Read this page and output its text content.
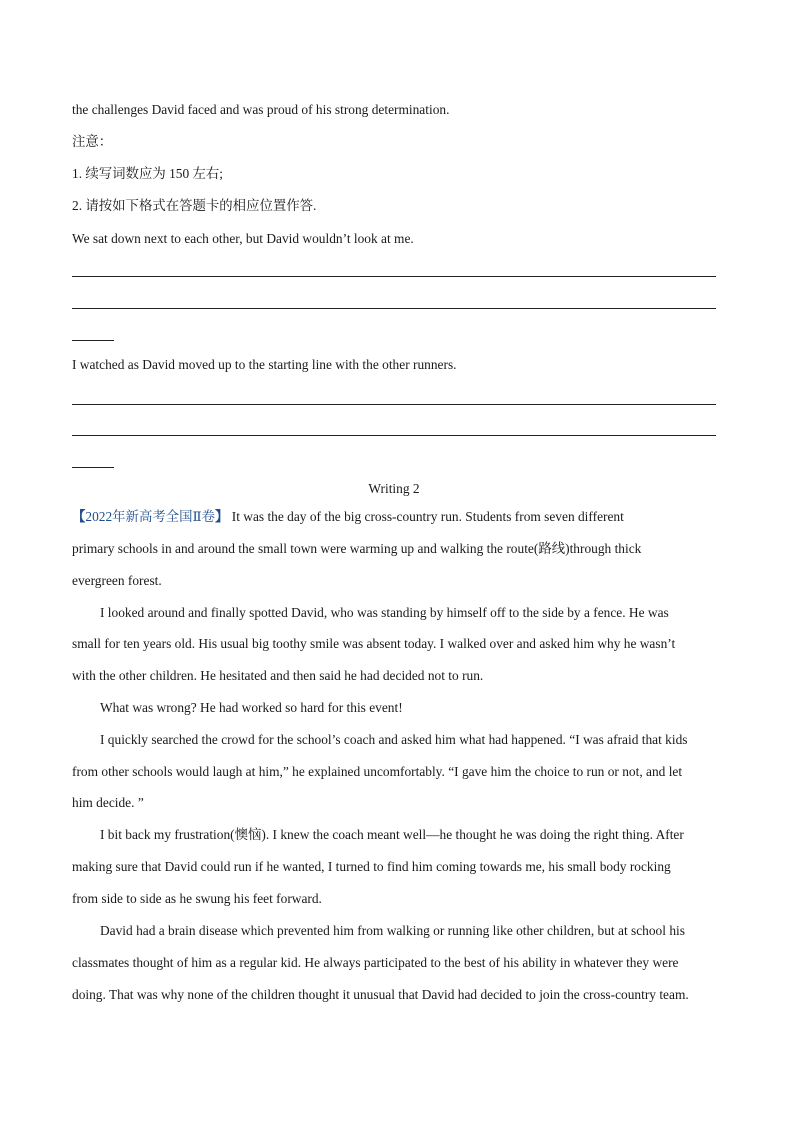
the challenges David faced and was proud of his strong determination.
注意：
1. 续写词数应为 150 左右;
2. 请按如下格式在答题卡的相应位置作答.
We sat down next to each other, but David wouldn’t look at me.
I watched as David moved up to the starting line with the other runners.
Writing 2
【2022年新高考全国Ⅱ卷】 It was the day of the big cross-country run. Students from seven different
primary schools in and around the small town were warming up and walking the route(路线)through thick
evergreen forest.
I looked around and finally spotted David, who was standing by himself off to the side by a fence. He was
small for ten years old. His usual big toothy smile was absent today. I walked over and asked him why he wasn’t
with the other children. He hesitated and then said he had decided not to run.
What was wrong? He had worked so hard for this event!
I quickly searched the crowd for the school’s coach and asked him what had happened. “I was afraid that kids
from other schools would laugh at him,” he explained uncomfortably. “I gave him the choice to run or not, and let
him decide. ”
I bit back my frustration(懊恼). I knew the coach meant well—he thought he was doing the right thing. After
making sure that David could run if he wanted, I turned to find him coming towards me, his small body rocking
from side to side as he swung his feet forward.
David had a brain disease which prevented him from walking or running like other children, but at school his
classmates thought of him as a regular kid. He always participated to the best of his ability in whatever they were
doing. That was why none of the children thought it unusual that David had decided to join the cross-country team.
